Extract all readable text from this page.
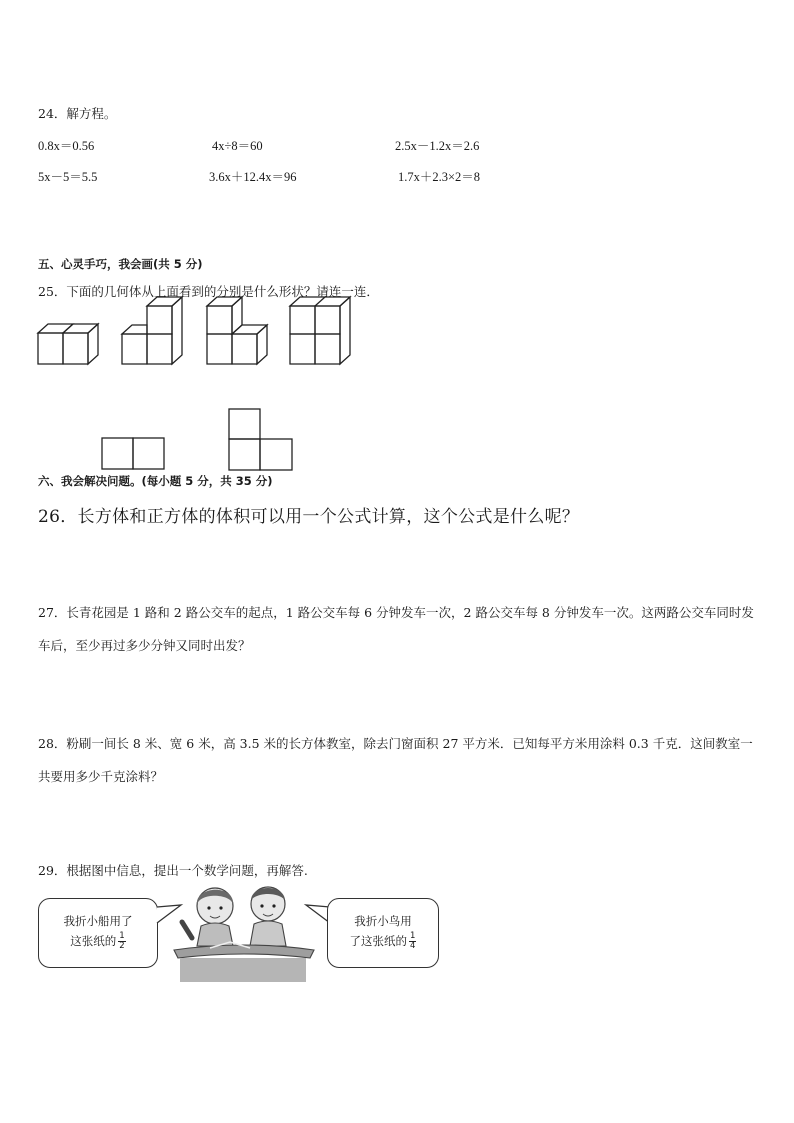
24．解方程。
0.8x＝0.56	4x÷8＝60	2.5x－1.2x＝2.6
5x－5＝5.5	3.6x＋12.4x＝96	1.7x＋2.3×2＝8
五、心灵手巧，我会画(共 5 分)
25．下面的几何体从上面看到的分别是什么形状？请连一连．
六、我会解决问题。(每小题 5 分，共 35 分)
26．长方体和正方体的体积可以用一个公式计算，这个公式是什么呢？
27．长青花园是 1 路和 2 路公交车的起点，1 路公交车每 6 分钟发车一次，2 路公交车每 8 分钟发车一次。这两路公交车同时发车后，至少再过多少分钟又同时出发？
28．粉刷一间长 8 米、宽 6 米，高 3.5 米的长方体教室，除去门窗面积 27 平方米．已知每平方米用涂料 0.3 千克．这间教室一共要用多少千克涂料？
29．根据图中信息，提出一个数学问题，再解答.
我折小船用了
这张纸的 $\frac{1}{2}$
我折小鸟用
了这张纸的 $\frac{1}{4}$
